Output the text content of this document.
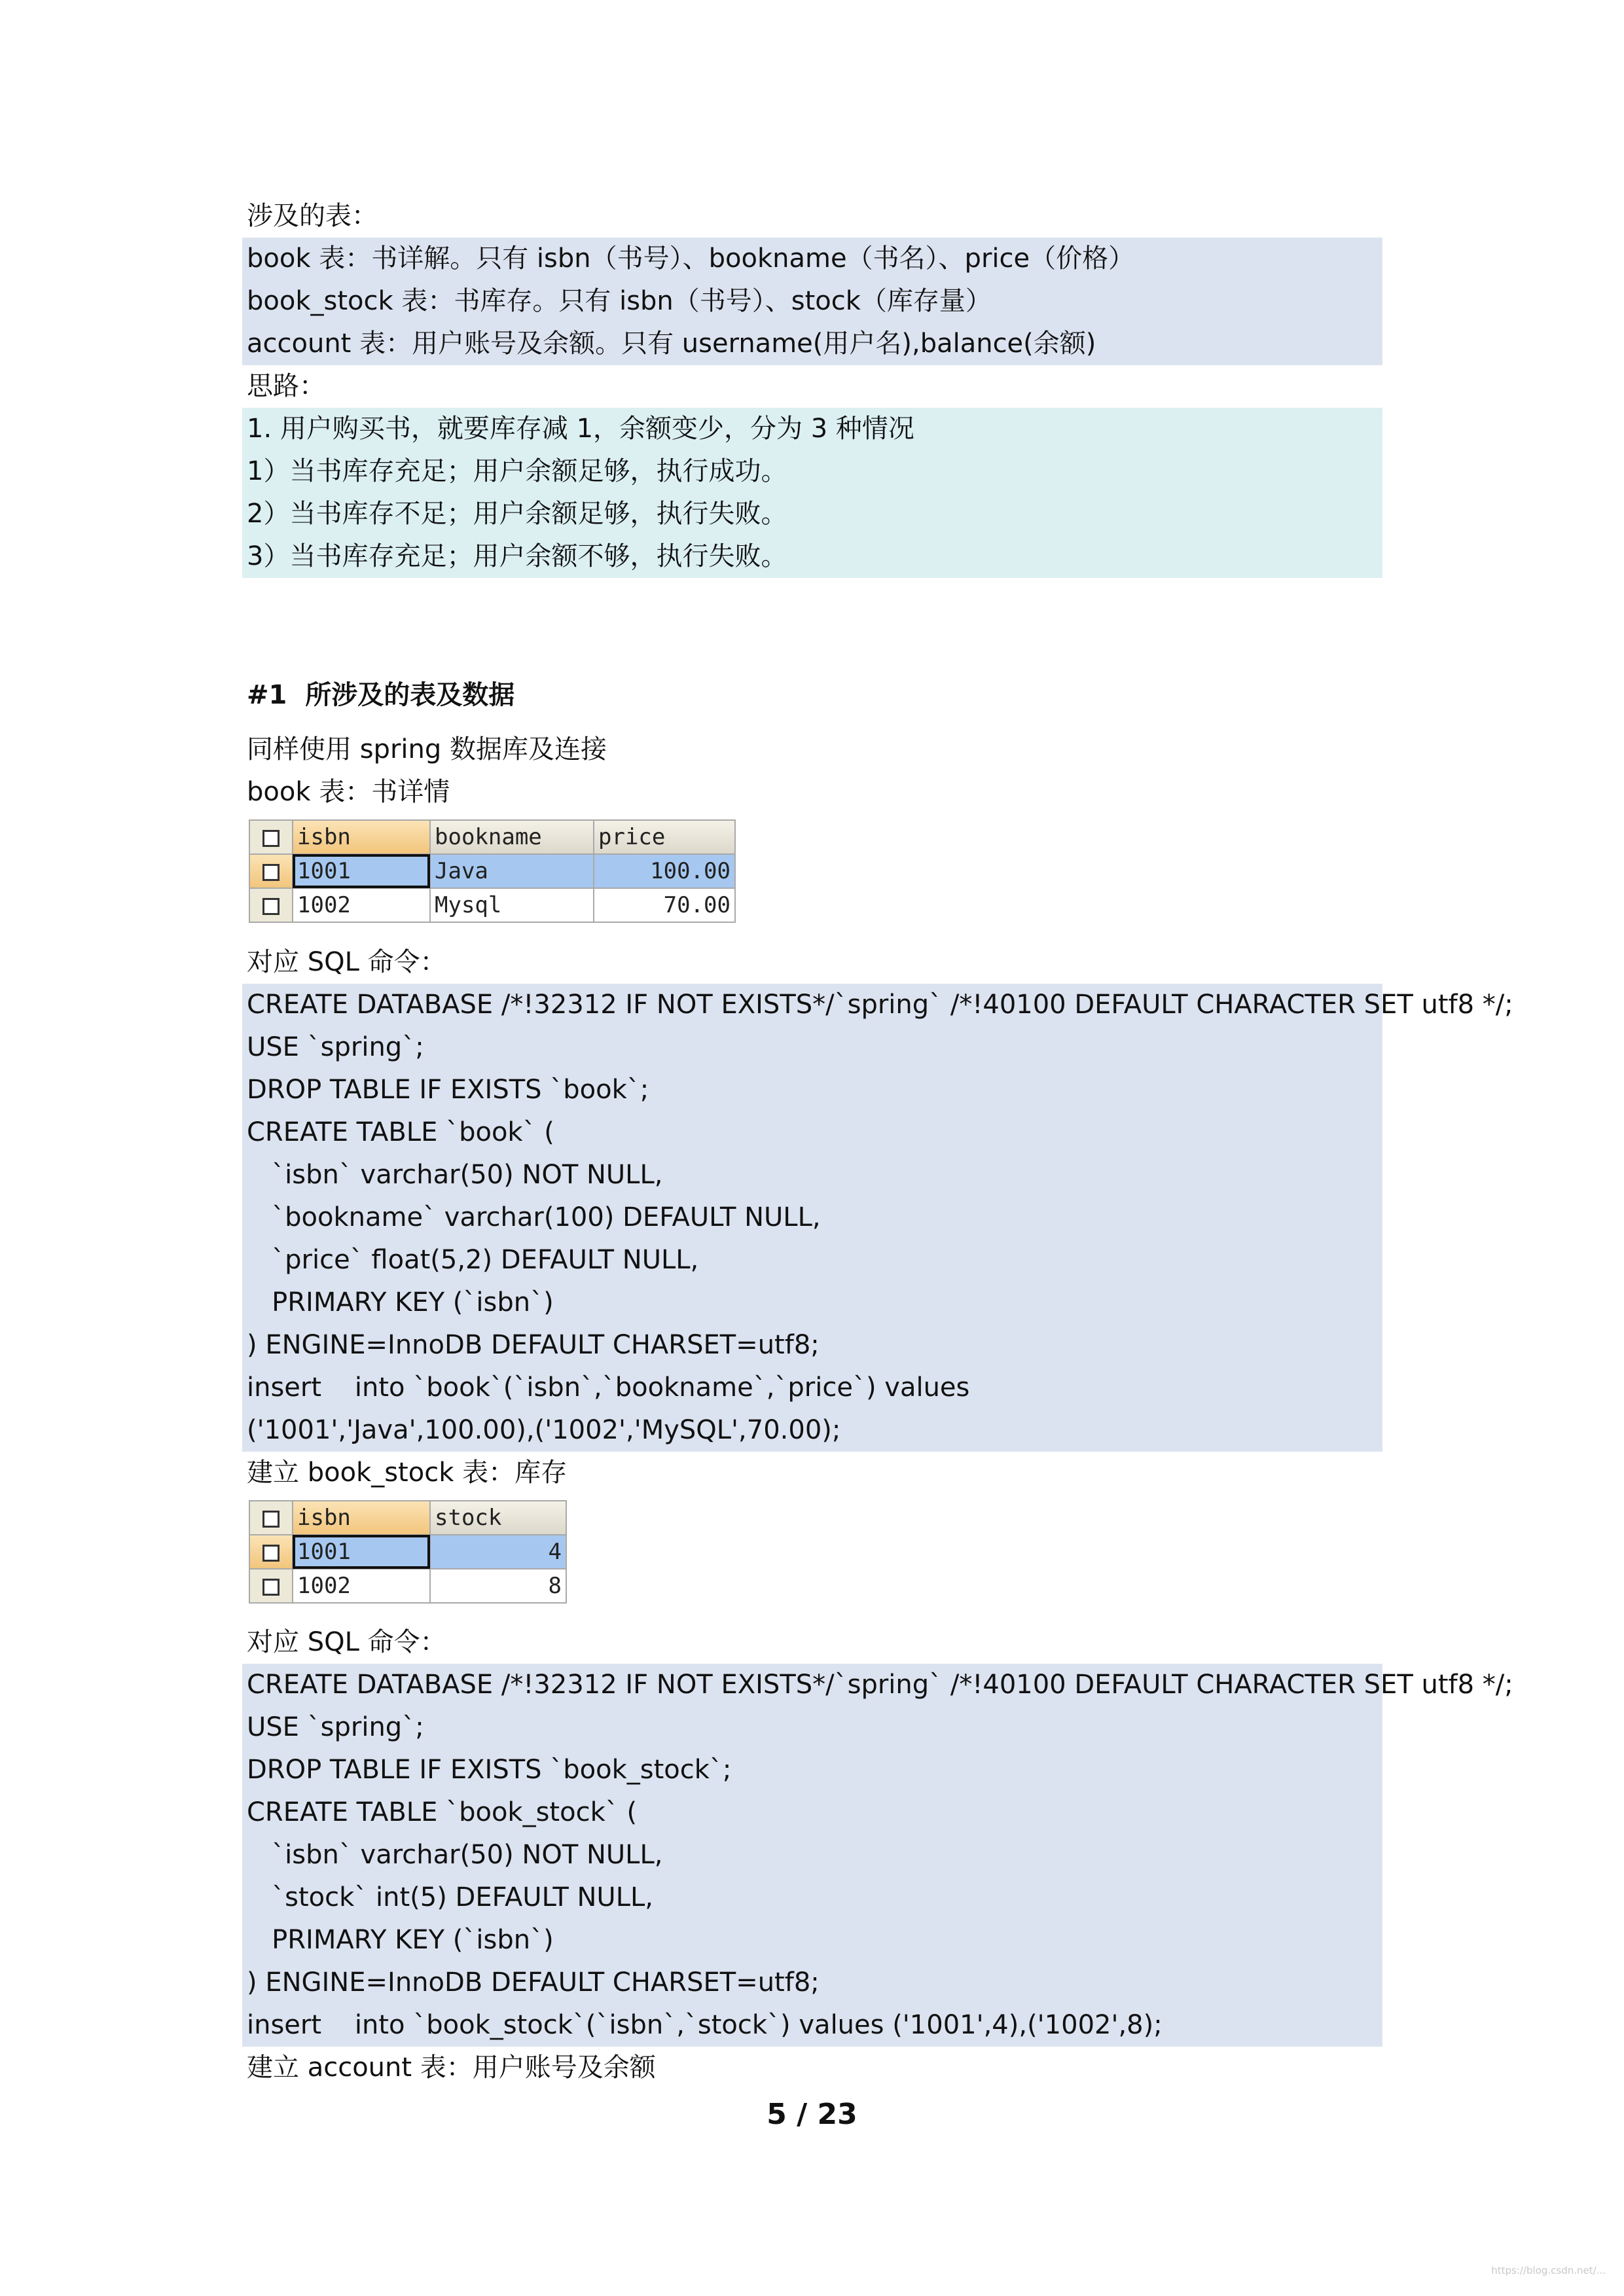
涉及的表：
book 表：书详解。只有 isbn（书号）、bookname（书名）、price（价格）
book_stock 表：书库存。只有 isbn（书号）、stock（库存量）
account 表：用户账号及余额。只有 username(用户名),balance(余额)
思路：
1. 用户购买书，就要库存减 1，余额变少，分为 3 种情况
1）当书库存充足；用户余额足够，执行成功。
2）当书库存不足；用户余额足够，执行失败。
3）当书库存充足；用户余额不够，执行失败。
#1  所涉及的表及数据
同样使用 spring 数据库及连接
book 表：书详情
	isbn	bookname	price
	1001	Java	100.00
	1002	Mysql	70.00
对应 SQL 命令：
CREATE DATABASE /*!32312 IF NOT EXISTS*/`spring` /*!40100 DEFAULT CHARACTER SET utf8 */;
USE `spring`;
DROP TABLE IF EXISTS `book`;
CREATE TABLE `book` (
`isbn` varchar(50) NOT NULL,
`bookname` varchar(100) DEFAULT NULL,
`price` float(5,2) DEFAULT NULL,
PRIMARY KEY (`isbn`)
) ENGINE=InnoDB DEFAULT CHARSET=utf8;
insert    into `book`(`isbn`,`bookname`,`price`) values
('1001','Java',100.00),('1002','MySQL',70.00);
建立 book_stock 表：库存
	isbn	stock
	1001	4
	1002	8
对应 SQL 命令：
CREATE DATABASE /*!32312 IF NOT EXISTS*/`spring` /*!40100 DEFAULT CHARACTER SET utf8 */;
USE `spring`;
DROP TABLE IF EXISTS `book_stock`;
CREATE TABLE `book_stock` (
`isbn` varchar(50) NOT NULL,
`stock` int(5) DEFAULT NULL,
PRIMARY KEY (`isbn`)
) ENGINE=InnoDB DEFAULT CHARSET=utf8;
insert    into `book_stock`(`isbn`,`stock`) values ('1001',4),('1002',8);
建立 account 表：用户账号及余额
5 / 23
https://blog.csdn.net/...
